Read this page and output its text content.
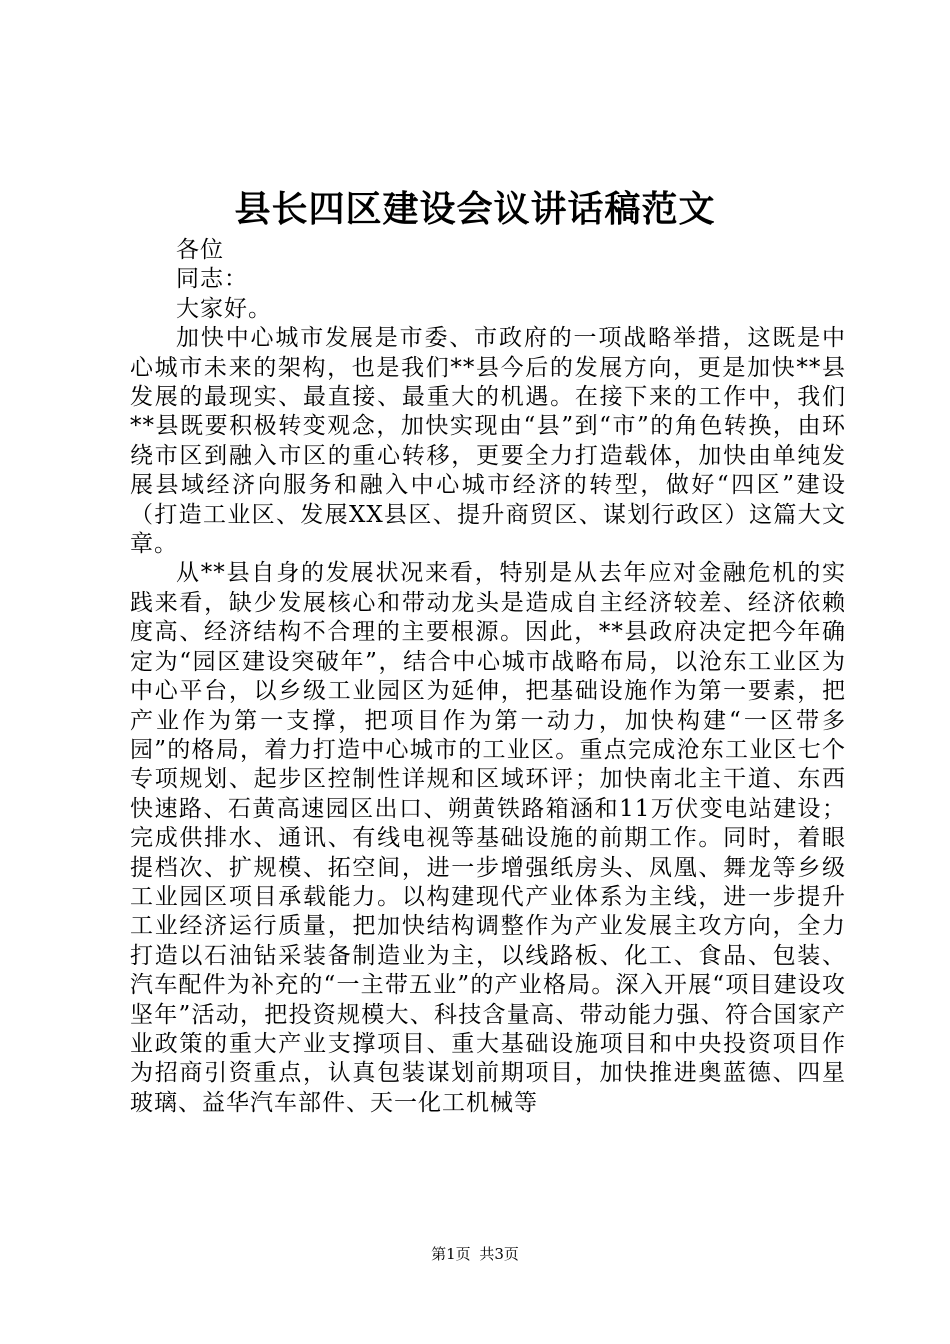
县长四区建设会议讲话稿范文

各位

同志：

大家好。

加快中心城市发展是市委、市政府的一项战略举措，这既是中心城市未来的架构，也是我们**县今后的发展方向，更是加快**县发展的最现实、最直接、最重大的机遇。在接下来的工作中，我们**县既要积极转变观念，加快实现由“县”到“市”的角色转换，由环绕市区到融入市区的重心转移，更要全力打造载体，加快由单纯发展县域经济向服务和融入中心城市经济的转型，做好“四区”建设（打造工业区、发展XX县区、提升商贸区、谋划行政区）这篇大文章。

从**县自身的发展状况来看，特别是从去年应对金融危机的实践来看，缺少发展核心和带动龙头是造成自主经济较差、经济依赖度高、经济结构不合理的主要根源。因此，**县政府决定把今年确定为“园区建设突破年”，结合中心城市战略布局，以沧东工业区为中心平台，以乡级工业园区为延伸，把基础设施作为第一要素，把产业作为第一支撑，把项目作为第一动力，加快构建“一区带多园”的格局，着力打造中心城市的工业区。重点完成沧东工业区七个专项规划、起步区控制性详规和区域环评；加快南北主干道、东西快速路、石黄高速园区出口、朔黄铁路箱涵和11万伏变电站建设；完成供排水、通讯、有线电视等基础设施的前期工作。同时，着眼提档次、扩规模、拓空间，进一步增强纸房头、凤凰、舞龙等乡级工业园区项目承载能力。以构建现代产业体系为主线，进一步提升工业经济运行质量，把加快结构调整作为产业发展主攻方向，全力打造以石油钻采装备制造业为主，以线路板、化工、食品、包装、汽车配件为补充的“一主带五业”的产业格局。深入开展“项目建设攻坚年”活动，把投资规模大、科技含量高、带动能力强、符合国家产业政策的重大产业支撑项目、重大基础设施项目和中央投资项目作为招商引资重点，认真包装谋划前期项目，加快推进奥蓝德、四星玻璃、益华汽车部件、天一化工机械等

第1页 共3页
